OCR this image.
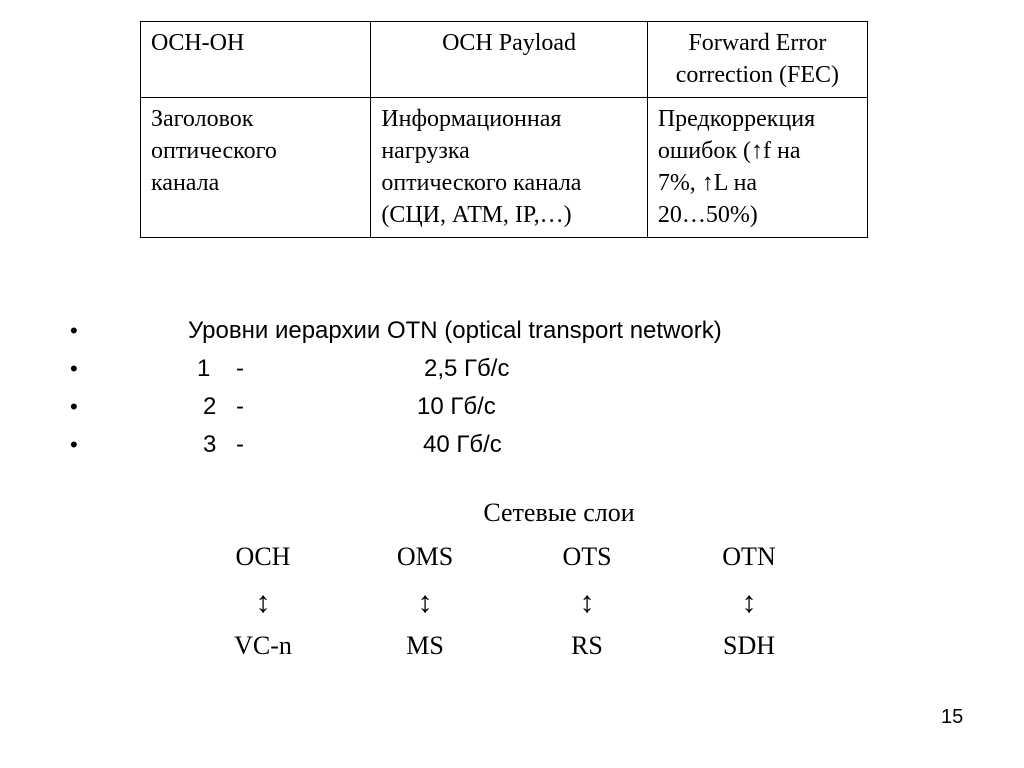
OCH-OH	OCH Payload	Forward Error
correction (FEC)
Заголовок
оптического
канала	Информационная
нагрузка
оптического канала
(СЦИ, АТМ, IP,…)	Предкоррекция
ошибок (↑f на
7%, ↑L на
20…50%)
•	Уровни иерархии OTN (optical transport network)
•	1 -	2,5 Гб/с
•	2 -	10 Гб/с
•	3 -	40 Гб/с
Сетевые слои
OCH	OMS	OTS	OTN
↕	↕	↕	↕
VC-n	MS	RS	SDH
15
